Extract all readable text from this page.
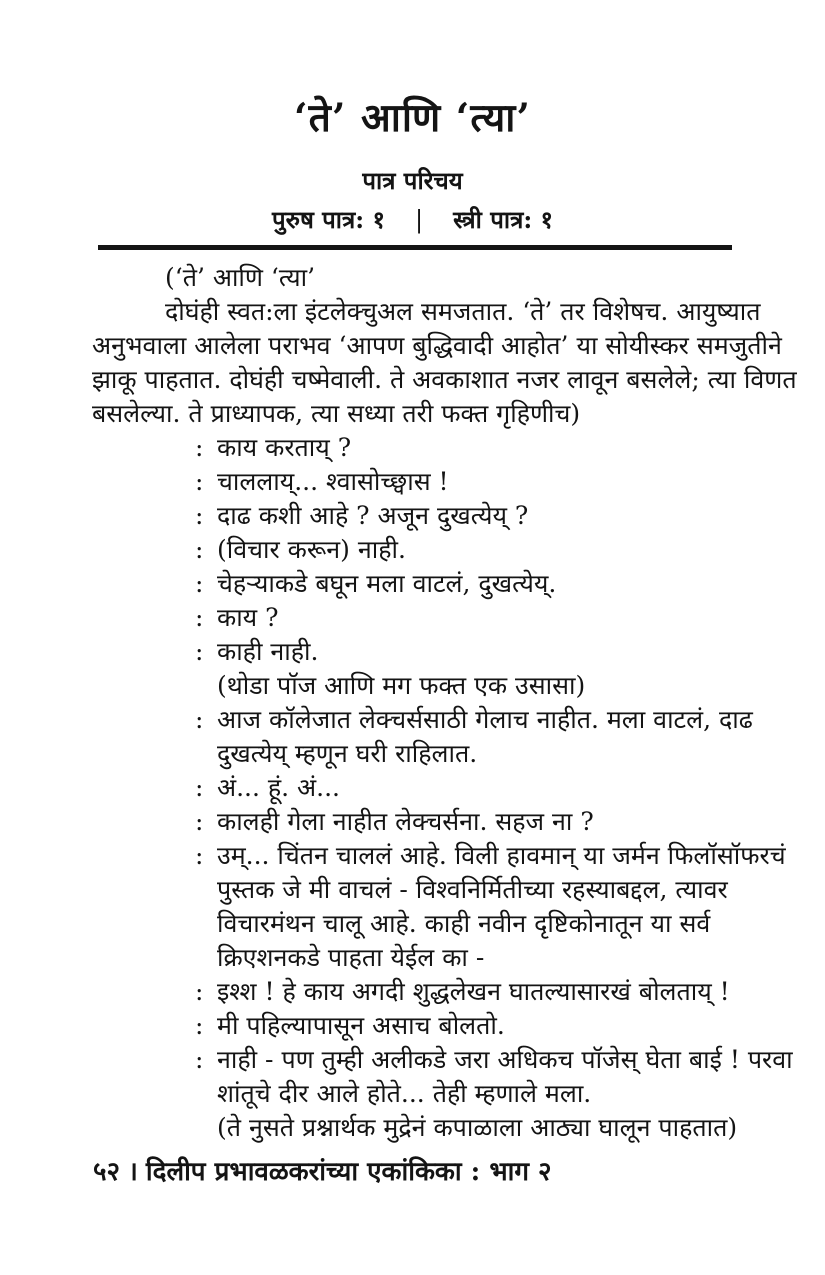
‘ते’ आणि ‘त्या’
पात्र परिचय
पुरुष पात्र: १ | स्त्री पात्र: १
(‘ते’ आणि ‘त्या’
दोघंही स्वत:ला इंटलेक्चुअल समजतात. ‘ते’ तर विशेषच. आयुष्यात
अनुभवाला आलेला पराभव ‘आपण बुद्धिवादी आहोत’ या सोयीस्कर समजुतीने
झाकू पाहतात. दोघंही चष्मेवाली. ते अवकाशात नजर लावून बसलेले; त्या विणत
बसलेल्या. ते प्राध्यापक, त्या सध्या तरी फक्त गृहिणीच)
: काय करताय् ?
: चाललाय्... श्वासोच्छ्वास !
: दाढ कशी आहे ? अजून दुखत्येय् ?
: (विचार करून) नाही.
: चेहऱ्याकडे बघून मला वाटलं, दुखत्येय्.
: काय ?
: काही नाही.
(थोडा पॉज आणि मग फक्त एक उसासा)
: आज कॉलेजात लेक्चर्ससाठी गेलाच नाहीत. मला वाटलं, दाढ
दुखत्येय् म्हणून घरी राहिलात.
: अं... हूं. अं...
: कालही गेला नाहीत लेक्चर्सना. सहज ना ?
: उम्... चिंतन चाललं आहे. विली हावमान् या जर्मन फिलॉसॉफरचं
पुस्तक जे मी वाचलं - विश्वनिर्मितीच्या रहस्याबद्दल, त्यावर
विचारमंथन चालू आहे. काही नवीन दृष्टिकोनातून या सर्व
क्रिएशनकडे पाहता येईल का -
: इश्श ! हे काय अगदी शुद्धलेखन घातल्यासारखं बोलताय् !
: मी पहिल्यापासून असाच बोलतो.
: नाही - पण तुम्ही अलीकडे जरा अधिकच पॉजेस् घेता बाई ! परवा
शांतूचे दीर आले होते... तेही म्हणाले मला.
(ते नुसते प्रश्नार्थक मुद्रेनं कपाळाला आठ्या घालून पाहतात)
५२ । दिलीप प्रभावळकरांच्या एकांकिका : भाग २
